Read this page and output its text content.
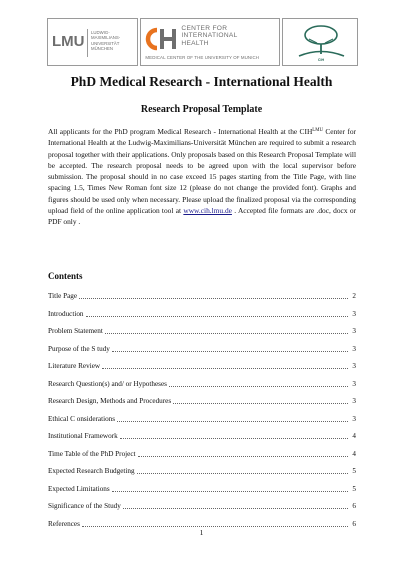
LMU
LUDWIG-
MAXIMILIANS-
UNIVERSITÄT
MÜNCHEN
CENTER FOR
INTERNATIONAL
HEALTH
MEDICAL CENTER OF THE UNIVERSITY OF MUNICH	CIH
PhD Medical Research - International Health
Research Proposal Template

All applicants for the PhD program Medical Research - International Health at the $CIH^{LMU}$ Center for International Health at the Ludwig-Maximilians-Universität München are required to submit a research proposal together with their applications. Only proposals based on this Research Proposal Template will be accepted. The research proposal needs to be agreed upon with the local supervisor before submission. The proposal should in no case exceed 15 pages starting from the Title Page, with line spacing 1.5, Times New Roman font size 12 (please do not change the provided font). Graphs and figures should be used only when necessary. Please upload the finalized proposal via the corresponding upload field of the online application tool at www.cih.lmu.de . Accepted file formats are .doc, docx or PDF only .

Contents
Title Page	2
Introduction	3
Problem Statement	3
Purpose of the S tudy	3
Literature Review	3
Research Question(s) and/ or Hypotheses	3
Research Design, Methods and Procedures	3
Ethical C onsiderations	3
Institutional Framework	4
Time Table of the PhD Project	4
Expected Research Budgeting	5
Expected Limitations	5
Significance of the Study	6
References	6
1
